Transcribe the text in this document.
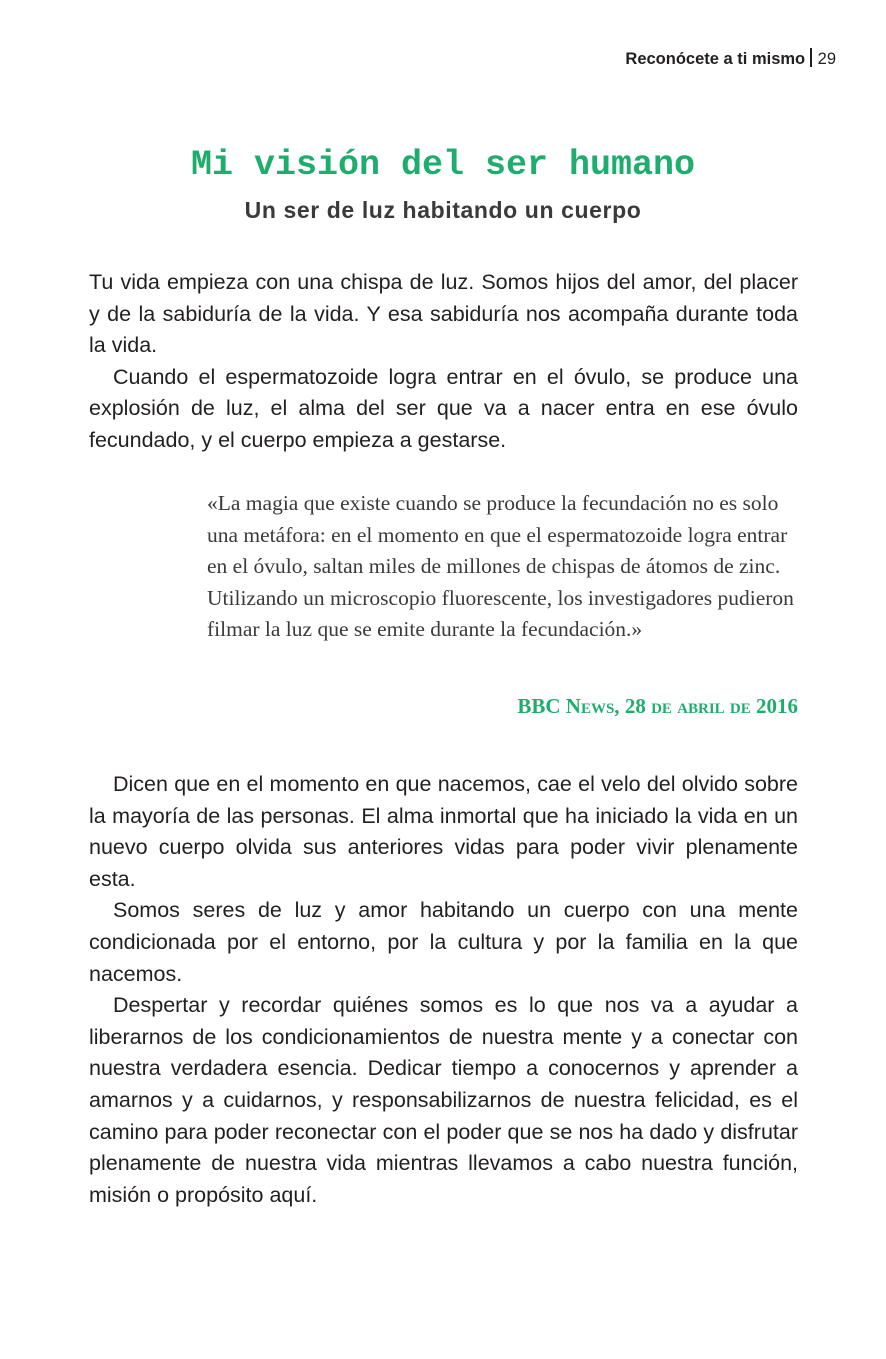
Reconócete a ti mismo 29
Mi visión del ser humano
Un ser de luz habitando un cuerpo

Tu vida empieza con una chispa de luz. Somos hijos del amor, del placer y de la sabiduría de la vida. Y esa sabiduría nos acompaña durante toda la vida.

Cuando el espermatozoide logra entrar en el óvulo, se produce una explosión de luz, el alma del ser que va a nacer entra en ese óvulo fecundado, y el cuerpo empieza a gestarse.

«La magia que existe cuando se produce la fecundación no es solo una metáfora: en el momento en que el espermatozoide logra entrar en el óvulo, saltan miles de millones de chispas de átomos de zinc. Utilizando un microscopio fluorescente, los investigadores pudieron filmar la luz que se emite durante la fecundación.»
BBC News, 28 de abril de 2016

Dicen que en el momento en que nacemos, cae el velo del olvido sobre la mayoría de las personas. El alma inmortal que ha iniciado la vida en un nuevo cuerpo olvida sus anteriores vidas para poder vivir plenamente esta.

Somos seres de luz y amor habitando un cuerpo con una mente condicionada por el entorno, por la cultura y por la familia en la que nacemos.

Despertar y recordar quiénes somos es lo que nos va a ayudar a liberarnos de los condicionamientos de nuestra mente y a conectar con nuestra verdadera esencia. Dedicar tiempo a conocernos y aprender a amarnos y a cuidarnos, y responsabilizarnos de nuestra felicidad, es el camino para poder reconectar con el poder que se nos ha dado y disfrutar plenamente de nuestra vida mientras llevamos a cabo nuestra función, misión o propósito aquí.
